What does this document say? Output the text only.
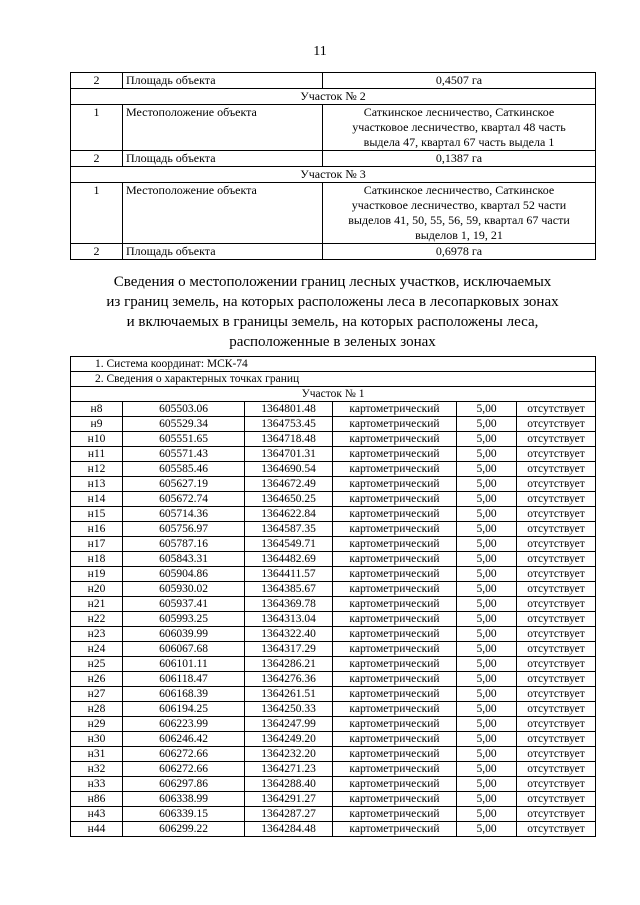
11
2	Площадь объекта	0,4507 га

Участок № 2		
1	Местоположение объекта	Саткинское лесничество, Саткинское
участковое лесничество, квартал 48 часть
выдела 47, квартал 67 часть выдела 1

2	Площадь объекта	0,1387 га

Участок № 3		
1	Местоположение объекта	Саткинское лесничество, Саткинское
участковое лесничество, квартал 52 части
выделов 41, 50, 55, 56, 59, квартал 67 части
выделов 1, 19, 21

2	Площадь объекта	0,6978 га
Сведения о местоположении границ лесных участков, исключаемых
из границ земель, на которых расположены леса в лесопарковых зонах
и включаемых в границы земель, на которых расположены леса,
расположенные в зеленых зонах
1. Система координат: МСК-74					
2. Сведения о характерных точках границ					
Участок № 1					
н8	605503.06	1364801.48	картометрический	5,00	отсутствует
н9	605529.34	1364753.45	картометрический	5,00	отсутствует
н10	605551.65	1364718.48	картометрический	5,00	отсутствует
н11	605571.43	1364701.31	картометрический	5,00	отсутствует
н12	605585.46	1364690.54	картометрический	5,00	отсутствует
н13	605627.19	1364672.49	картометрический	5,00	отсутствует
н14	605672.74	1364650.25	картометрический	5,00	отсутствует
н15	605714.36	1364622.84	картометрический	5,00	отсутствует
н16	605756.97	1364587.35	картометрический	5,00	отсутствует
н17	605787.16	1364549.71	картометрический	5,00	отсутствует
н18	605843.31	1364482.69	картометрический	5,00	отсутствует
н19	605904.86	1364411.57	картометрический	5,00	отсутствует
н20	605930.02	1364385.67	картометрический	5,00	отсутствует
н21	605937.41	1364369.78	картометрический	5,00	отсутствует
н22	605993.25	1364313.04	картометрический	5,00	отсутствует
н23	606039.99	1364322.40	картометрический	5,00	отсутствует
н24	606067.68	1364317.29	картометрический	5,00	отсутствует
н25	606101.11	1364286.21	картометрический	5,00	отсутствует
н26	606118.47	1364276.36	картометрический	5,00	отсутствует
н27	606168.39	1364261.51	картометрический	5,00	отсутствует
н28	606194.25	1364250.33	картометрический	5,00	отсутствует
н29	606223.99	1364247.99	картометрический	5,00	отсутствует
н30	606246.42	1364249.20	картометрический	5,00	отсутствует
н31	606272.66	1364232.20	картометрический	5,00	отсутствует
н32	606272.66	1364271.23	картометрический	5,00	отсутствует
н33	606297.86	1364288.40	картометрический	5,00	отсутствует
н86	606338.99	1364291.27	картометрический	5,00	отсутствует
н43	606339.15	1364287.27	картометрический	5,00	отсутствует
н44	606299.22	1364284.48	картометрический	5,00	отсутствует
